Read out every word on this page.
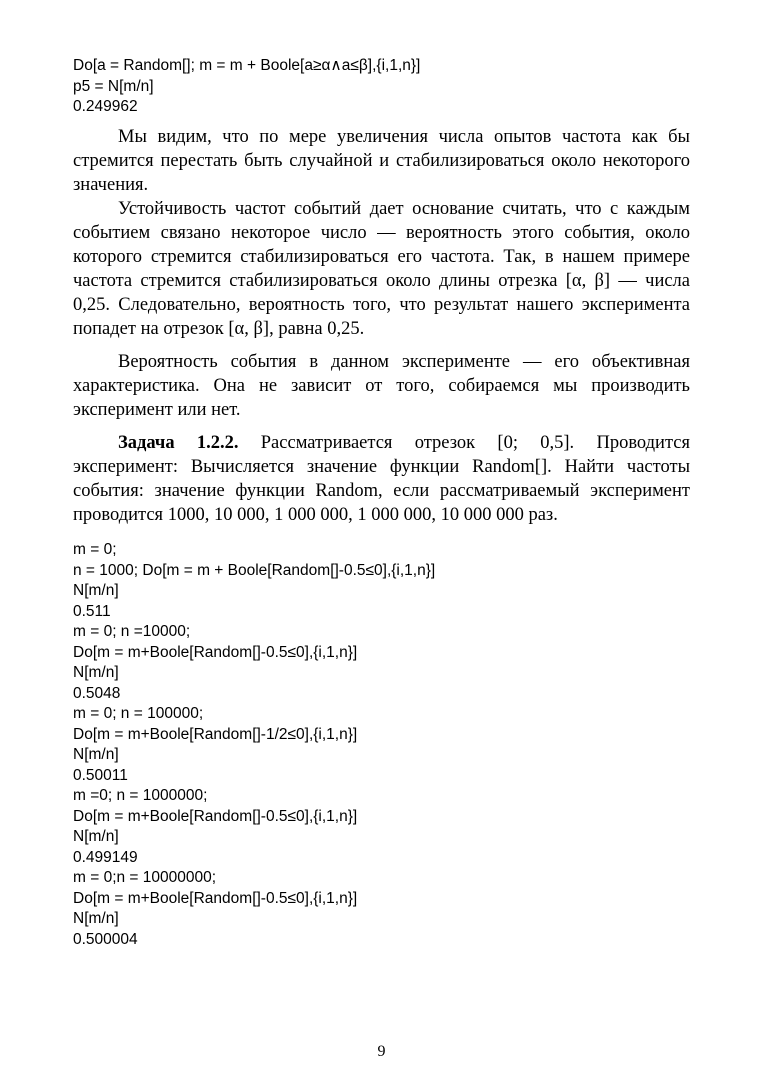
Do[a = Random[]; m = m + Boole[a≥α∧a≤β],{i,1,n}]
p5 = N[m/n]
0.249962

Мы видим, что по мере увеличения числа опытов частота как бы стремится перестать быть случайной и стабилизироваться около некоторого значения.

Устойчивость частот событий дает основание считать, что с каждым событием связано некоторое число — вероятность этого события, около которого стремится стабилизироваться его частота. Так, в нашем примере частота стремится стабилизироваться около длины отрезка [α, β] — числа 0,25. Следовательно, вероятность того, что результат нашего эксперимента попадет на отрезок [α, β], равна 0,25.

Вероятность события в данном эксперименте — его объективная характеристика. Она не зависит от того, собираемся мы производить эксперимент или нет.

Задача 1.2.2. Рассматривается отрезок [0; 0,5]. Проводится эксперимент: Вычисляется значение функции Random[]. Найти частоты события: значение функции Random, если рассматриваемый эксперимент проводится 1000, 10 000, 1 000 000, 1 000 000, 10 000 000 раз.

m = 0;
n = 1000; Do[m = m + Boole[Random[]-0.5≤0],{i,1,n}]
N[m/n]
0.511
m = 0; n =10000;
Do[m = m+Boole[Random[]-0.5≤0],{i,1,n}]
N[m/n]
0.5048
m = 0; n = 100000;
Do[m = m+Boole[Random[]-1/2≤0],{i,1,n}]
N[m/n]
0.50011
m =0; n = 1000000;
Do[m = m+Boole[Random[]-0.5≤0],{i,1,n}]
N[m/n]
0.499149
m = 0;n = 10000000;
Do[m = m+Boole[Random[]-0.5≤0],{i,1,n}]
N[m/n]
0.500004
9
